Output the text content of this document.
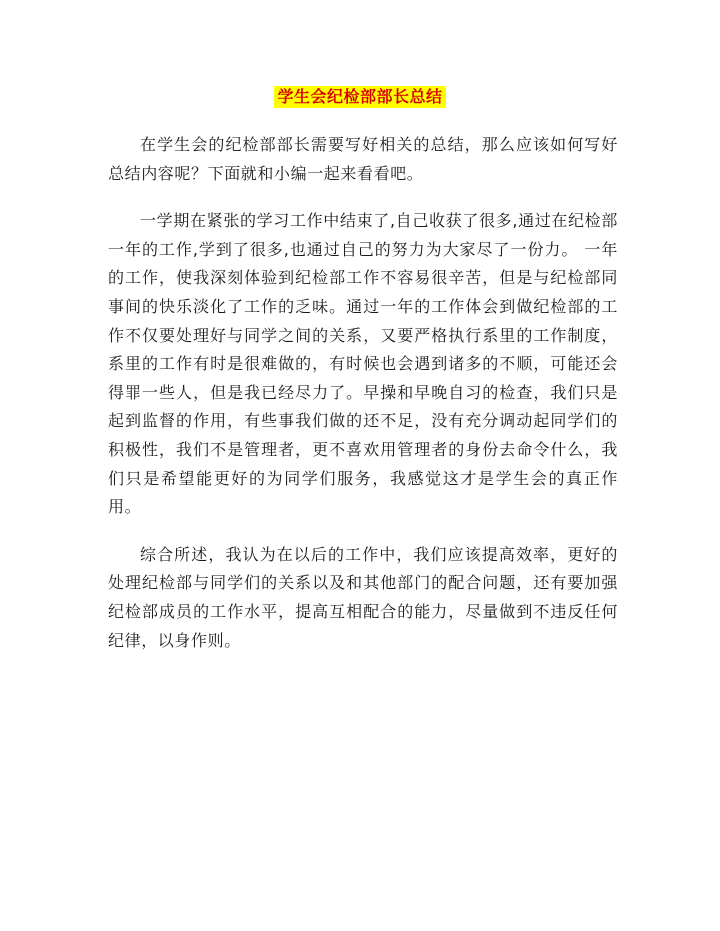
学生会纪检部部长总结

在学生会的纪检部部长需要写好相关的总结，那么应该如何写好总结内容呢？下面就和小编一起来看看吧。

一学期在紧张的学习工作中结束了,自己收获了很多,通过在纪检部一年的工作,学到了很多,也通过自己的努力为大家尽了一份力。 一年的工作，使我深刻体验到纪检部工作不容易很辛苦，但是与纪检部同事间的快乐淡化了工作的乏味。通过一年的工作体会到做纪检部的工作不仅要处理好与同学之间的关系，又要严格执行系里的工作制度，系里的工作有时是很难做的，有时候也会遇到诸多的不顺，可能还会得罪一些人，但是我已经尽力了。早操和早晚自习的检查，我们只是起到监督的作用，有些事我们做的还不足，没有充分调动起同学们的积极性，我们不是管理者，更不喜欢用管理者的身份去命令什么，我们只是希望能更好的为同学们服务，我感觉这才是学生会的真正作用。

综合所述，我认为在以后的工作中，我们应该提高效率，更好的处理纪检部与同学们的关系以及和其他部门的配合问题，还有要加强纪检部成员的工作水平，提高互相配合的能力，尽量做到不违反任何纪律，以身作则。
